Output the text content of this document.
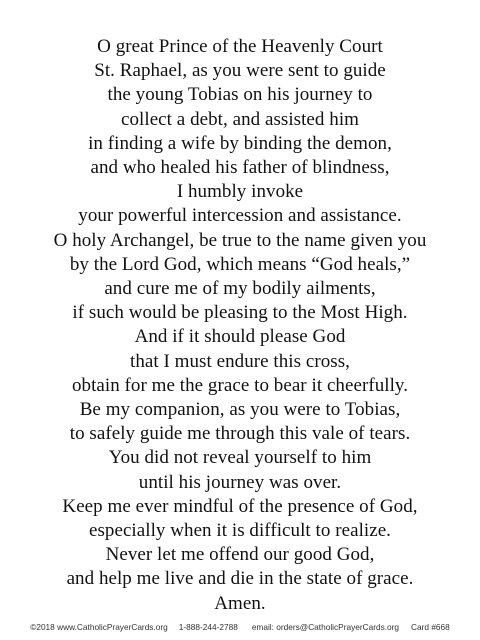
O great Prince of the Heavenly Court
St. Raphael, as you were sent to guide
the young Tobias on his journey to
collect a debt, and assisted him
in finding a wife by binding the demon,
and who healed his father of blindness,
I humbly invoke
your powerful intercession and assistance.
O holy Archangel, be true to the name given you
by the Lord God, which means “God heals,”
and cure me of my bodily ailments,
if such would be pleasing to the Most High.
And if it should please God
that I must endure this cross,
obtain for me the grace to bear it cheerfully.
Be my companion, as you were to Tobias,
to safely guide me through this vale of tears.
You did not reveal yourself to him
until his journey was over.
Keep me ever mindful of the presence of God,
especially when it is difficult to realize.
Never let me offend our good God,
and help me live and die in the state of grace.
Amen.
©2018 www.CatholicPrayerCards.org 1-888-244-2788 email: orders@CatholicPrayerCards.org Card #668
